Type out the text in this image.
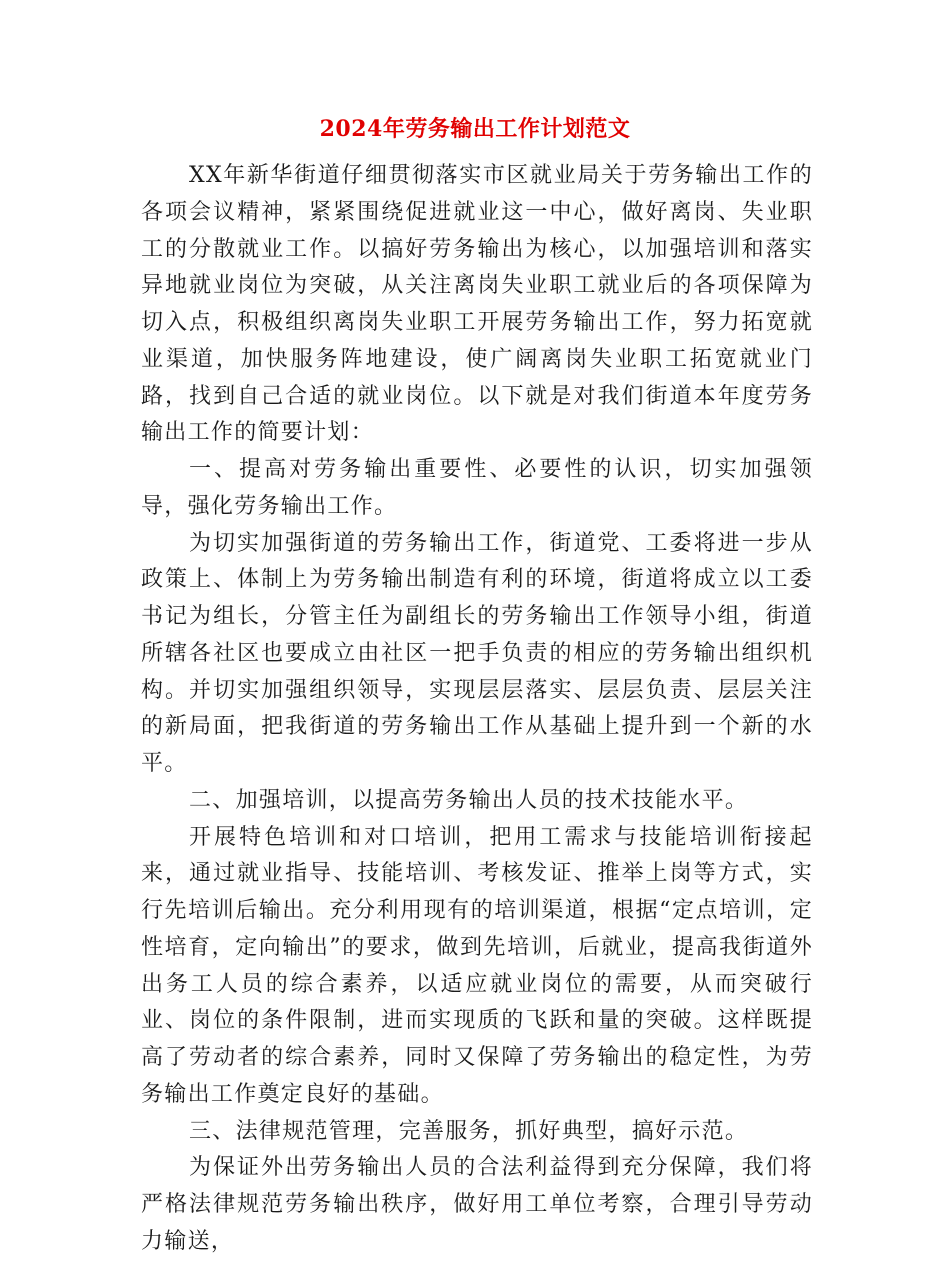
2024年劳务输出工作计划范文

XX年新华街道仔细贯彻落实市区就业局关于劳务输出工作的各项会议精神，紧紧围绕促进就业这一中心，做好离岗、失业职工的分散就业工作。以搞好劳务输出为核心，以加强培训和落实异地就业岗位为突破，从关注离岗失业职工就业后的各项保障为切入点，积极组织离岗失业职工开展劳务输出工作，努力拓宽就业渠道，加快服务阵地建设，使广阔离岗失业职工拓宽就业门路，找到自己合适的就业岗位。以下就是对我们街道本年度劳务输出工作的简要计划：

一、提高对劳务输出重要性、必要性的认识，切实加强领导，强化劳务输出工作。

为切实加强街道的劳务输出工作，街道党、工委将进一步从政策上、体制上为劳务输出制造有利的环境，街道将成立以工委书记为组长，分管主任为副组长的劳务输出工作领导小组，街道所辖各社区也要成立由社区一把手负责的相应的劳务输出组织机构。并切实加强组织领导，实现层层落实、层层负责、层层关注的新局面，把我街道的劳务输出工作从基础上提升到一个新的水平。

二、加强培训，以提高劳务输出人员的技术技能水平。

开展特色培训和对口培训，把用工需求与技能培训衔接起来，通过就业指导、技能培训、考核发证、推举上岗等方式，实行先培训后输出。充分利用现有的培训渠道，根据“定点培训，定性培育，定向输出”的要求，做到先培训，后就业，提高我街道外出务工人员的综合素养，以适应就业岗位的需要，从而突破行业、岗位的条件限制，进而实现质的飞跃和量的突破。这样既提高了劳动者的综合素养，同时又保障了劳务输出的稳定性，为劳务输出工作奠定良好的基础。

三、法律规范管理，完善服务，抓好典型，搞好示范。

为保证外出劳务输出人员的合法利益得到充分保障，我们将严格法律规范劳务输出秩序，做好用工单位考察，合理引导劳动力输送，
